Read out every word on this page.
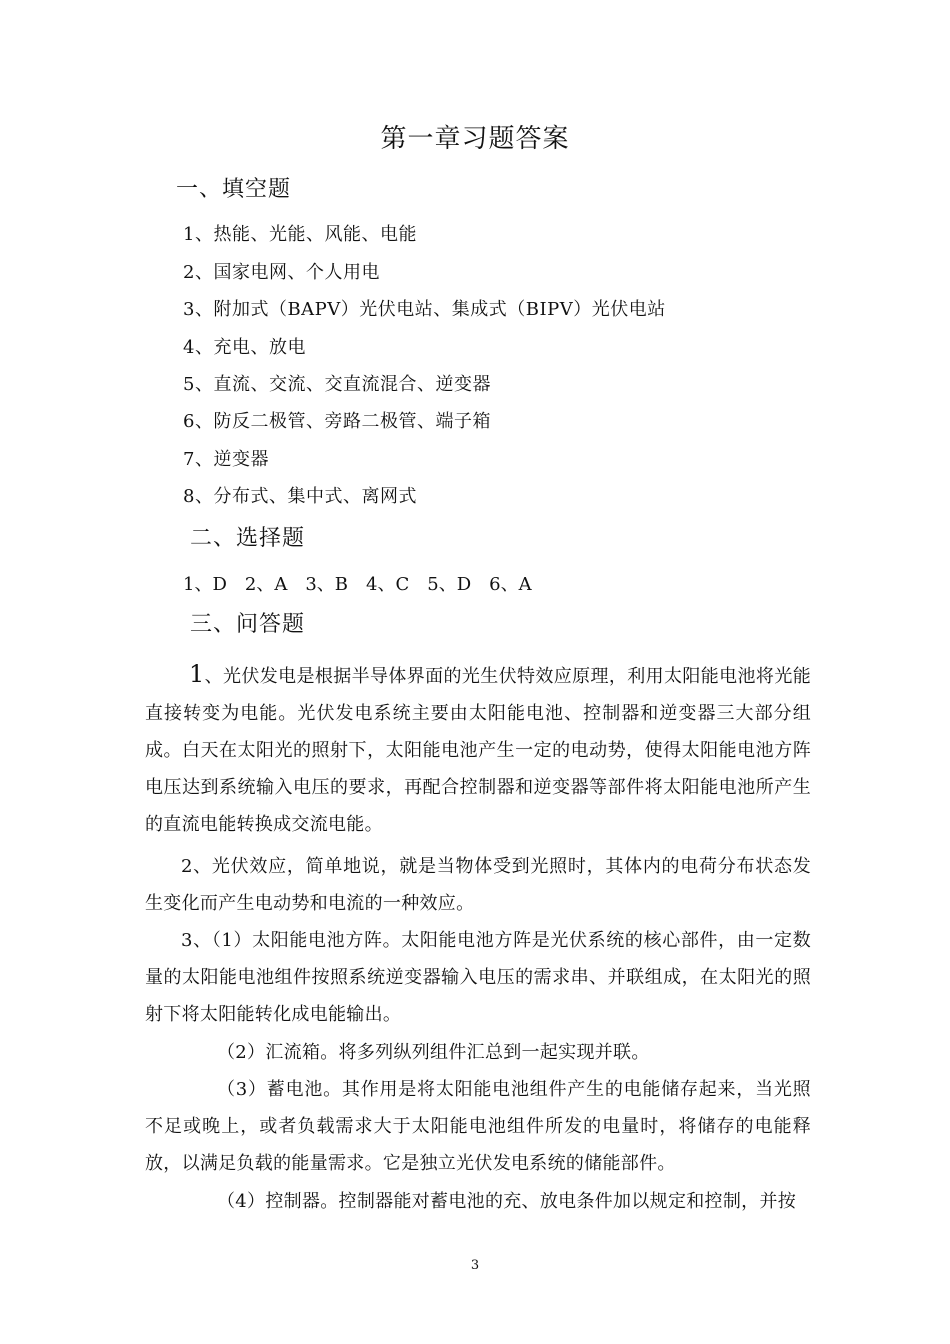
第一章习题答案
一、填空题
1、热能、光能、风能、电能
2、国家电网、个人用电
3、附加式（BAPV）光伏电站、集成式（BIPV）光伏电站
4、充电、放电
5、直流、交流、交直流混合、逆变器
6、防反二极管、旁路二极管、端子箱
7、逆变器
8、分布式、集中式、离网式
二、选择题
1、D　2、A　3、B　4、C　5、D　6、A
三、问答题
1、光伏发电是根据半导体界面的光生伏特效应原理，利用太阳能电池将光能直接转变为电能。光伏发电系统主要由太阳能电池、控制器和逆变器三大部分组成。白天在太阳光的照射下，太阳能电池产生一定的电动势，使得太阳能电池方阵电压达到系统输入电压的要求，再配合控制器和逆变器等部件将太阳能电池所产生的直流电能转换成交流电能。
2、光伏效应，简单地说，就是当物体受到光照时，其体内的电荷分布状态发生变化而产生电动势和电流的一种效应。
3、（1）太阳能电池方阵。太阳能电池方阵是光伏系统的核心部件，由一定数量的太阳能电池组件按照系统逆变器输入电压的需求串、并联组成，在太阳光的照射下将太阳能转化成电能输出。
（2）汇流箱。将多列纵列组件汇总到一起实现并联。
（3）蓄电池。其作用是将太阳能电池组件产生的电能储存起来，当光照不足或晚上，或者负载需求大于太阳能电池组件所发的电量时，将储存的电能释放，以满足负载的能量需求。它是独立光伏发电系统的储能部件。
（4）控制器。控制器能对蓄电池的充、放电条件加以规定和控制，并按
3
